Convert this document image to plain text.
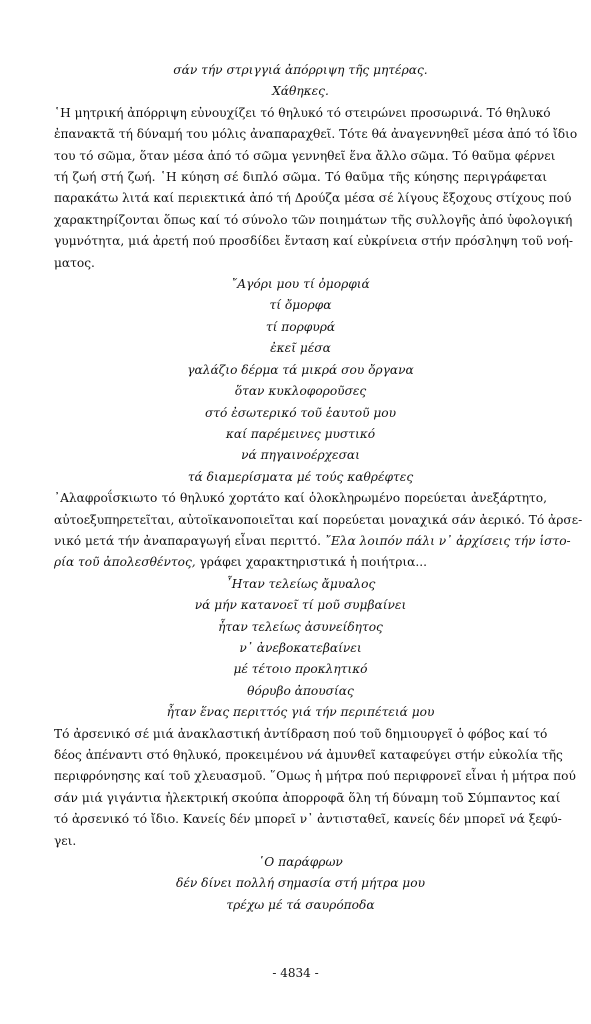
σάν τήν στριγγιά ἀπόρριψη τῆς μητέρας.
Χάθηκες.
῾Η μητρική ἀπόρριψη εὐνουχίζει τό θηλυκό τό στειρώνει προσωρινά. Τό θηλυκό
ἐπανακτᾶ τή δύναμή του μόλις ἀναπαραχθεῖ. Τότε θά ἀναγεννηθεῖ μέσα ἀπό τό ἴδιο
του τό σῶμα, ὅταν μέσα ἀπό τό σῶμα γεννηθεῖ ἕνα ἄλλο σῶμα. Τό θαῦμα φέρνει
τή ζωή στή ζωή. ῾Η κύηση σέ διπλό σῶμα. Τό θαῦμα τῆς κύησης περιγράφεται
παρακάτω λιτά καί περιεκτικά ἀπό τή Δρούζα μέσα σέ λίγους ἔξοχους στίχους πού
χαρακτηρίζονται ὅπως καί τό σύνολο τῶν ποιημάτων τῆς συλλογῆς ἀπό ὑφολογική
γυμνότητα, μιά ἀρετή πού προσδίδει ἔνταση καί εὐκρίνεια στήν πρόσληψη τοῦ νοή-
ματος.
῎Αγόρι μου τί ὀμορφιά
τί ὄμορφα
τί πορφυρά
ἐκεῖ μέσα
γαλάζιο δέρμα τά μικρά σου ὄργανα
ὅταν κυκλοφοροῦσες
στό ἐσωτερικό τοῦ ἑαυτοῦ μου
καί παρέμεινες μυστικό
νά πηγαινοέρχεσαι
τά διαμερίσματα μέ τούς καθρέφτες
᾿Αλαφροΐσκιωτο τό θηλυκό χορτάτο καί ὁλοκληρωμένο πορεύεται ἀνεξάρτητο,
αὐτοεξυπηρετεῖται, αὐτοϊκανοποιεῖται καί πορεύεται μοναχικά σάν ἀερικό. Τό ἀρσε-
νικό μετά τήν ἀναπαραγωγή εἶναι περιττό. ῎Ελα λοιπόν πάλι ν᾿ ἀρχίσεις τήν ἱστο-
ρία τοῦ ἀπολεσθέντος, γράφει χαρακτηριστικά ἡ ποιήτρια...
῏Ηταν τελείως ἄμυαλος
νά μήν κατανοεῖ τί μοῦ συμβαίνει
ἦταν τελείως ἀσυνείδητος
ν᾿ ἀνεβοκατεβαίνει
μέ τέτοιο προκλητικό
θόρυβο ἀπουσίας
ἦταν ἕνας περιττός γιά τήν περιπέτειά μου
Τό ἀρσενικό σέ μιά ἀνακλαστική ἀντίδραση πού τοῦ δημιουργεῖ ὁ φόβος καί τό
δέος ἀπέναντι στό θηλυκό, προκειμένου νά ἀμυνθεῖ καταφεύγει στήν εὐκολία τῆς
περιφρόνησης καί τοῦ χλευασμοῦ. ῞Ομως ἡ μήτρα πού περιφρονεῖ εἶναι ἡ μήτρα πού
σάν μιά γιγάντια ἠλεκτρική σκούπα ἀπορροφᾶ ὅλη τή δύναμη τοῦ Σύμπαντος καί
τό ἀρσενικό τό ἴδιο. Κανείς δέν μπορεῖ ν᾿ ἀντισταθεῖ, κανείς δέν μπορεῖ νά ξεφύ-
γει.
῾Ο παράφρων
δέν δίνει πολλή σημασία στή μήτρα μου
τρέχω μέ τά σαυρόποδα
- 4834 -
